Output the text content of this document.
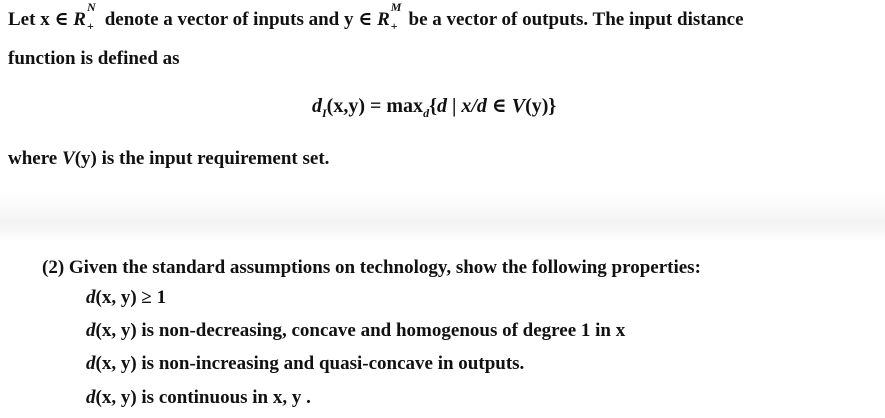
Let x ∈ R
N
+ denote a vector of inputs and y ∈ R
M
+ be a vector of outputs. The input distance
function is defined as
$d_I(x,y) = \max_d\{d$ | x/d ∈ V(y)}
where V(y) is the input requirement set.
(2) Given the standard assumptions on technology, show the following properties:
d(x, y) ≥ 1
d(x, y) is non-decreasing, concave and homogenous of degree 1 in x
d(x, y) is non-increasing and quasi-concave in outputs.
d(x, y) is continuous in x, y .
